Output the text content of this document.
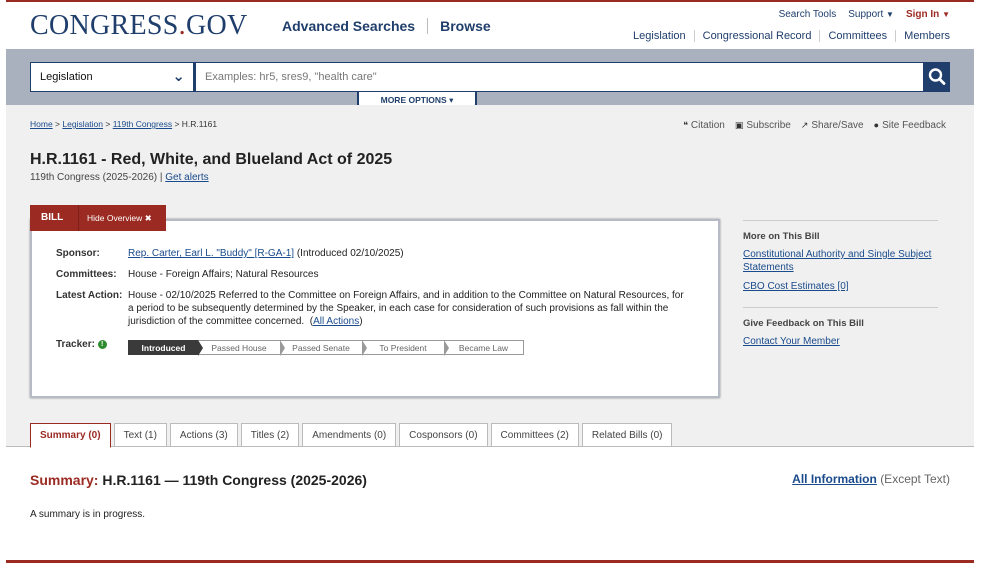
CONGRESS.GOV Advanced Searches Browse
Search Tools Support ▼ Sign In ▼
Legislation Congressional Record Committees Members
Legislation	⌄	Examples: hr5, sres9, "health care"
MORE OPTIONS ▾
Home > Legislation > 119th Congress > H.R.1161	❝ Citation ▣ Subscribe ↗ Share/Save ● Site Feedback
H.R.1161 - Red, White, and Blueland Act of 2025
119th Congress (2025-2026) | Get alerts
Sponsor:	Rep. Carter, Earl L. "Buddy" [R-GA-1] (Introduced 02/10/2025)
Committees:	House - Foreign Affairs; Natural Resources
Latest Action: House - 02/10/2025 Referred to the Committee on Foreign Affairs, and in addition to the Committee on Natural Resources, for a period to be subsequently determined by the Speaker, in each case for consideration of such provisions as fall within the jurisdiction of the committee concerned.  (All Actions)
Tracker: !	Introduced	Passed House	Passed Senate	To President	Became Law
BILL	Hide Overview ✖
More on This Bill
Constitutional Authority and Single Subject Statements
CBO Cost Estimates [0]
Give Feedback on This Bill
Contact Your Member
Summary (0)	Text (1)	Actions (3)	Titles (2)	Amendments (0)	Cosponsors (0)	Committees (2)	Related Bills (0)
Summary: H.R.1161 — 119th Congress (2025-2026)	All Information (Except Text)
A summary is in progress.
